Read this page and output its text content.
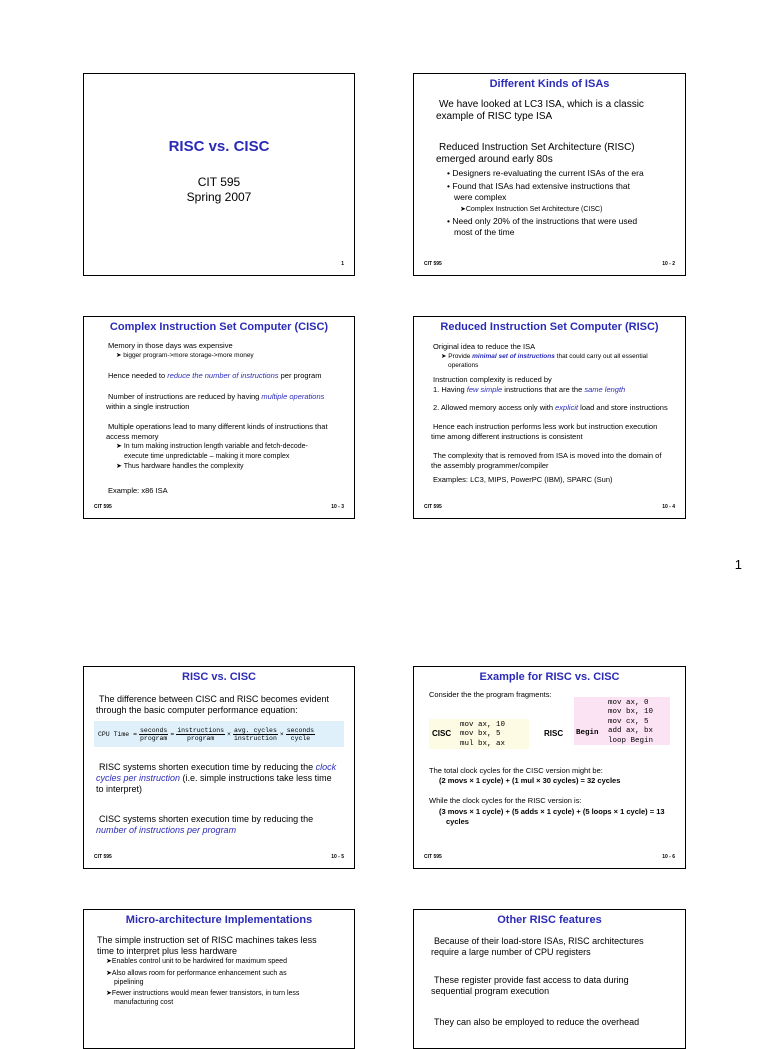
RISC vs. CISC
CIT 595
Spring 2007
1
Different Kinds of ISAs
We have looked at LC3 ISA, which is a classic
example of RISC type ISA
Reduced Instruction Set Architecture (RISC)
emerged around early 80s
• Designers re-evaluating the current ISAs of the era
• Found that ISAs had extensive instructions that
were complex
➤Complex Instruction Set Architecture (CISC)
• Need only 20% of the instructions that were used
most of the time
CIT 595	10 - 2
Complex Instruction Set Computer (CISC)
Memory in those days was expensive
➤ bigger program->more storage->more money
Hence needed to reduce the number of instructions per program
Number of instructions are reduced by having multiple operations
within a single instruction
Multiple operations lead to many different kinds of instructions that
access memory
➤ In turn making instruction length variable and fetch-decode-
execute time unpredictable – making it more complex
➤ Thus hardware handles the complexity
Example: x86 ISA
CIT 595	10 - 3
Reduced Instruction Set Computer (RISC)
Original idea to reduce the ISA
➤ Provide minimal set of instructions that could carry out all essential
operations
Instruction complexity is reduced by
1. Having few simple instructions that are the same length
2. Allowed memory access only with explicit load and store instructions
Hence each instruction performs less work but instruction execution
time among different instructions is consistent
The complexity that is removed from ISA is moved into the domain of
the assembly programmer/compiler
Examples: LC3, MIPS, PowerPC (IBM), SPARC (Sun)
CIT 595	10 - 4
1
RISC vs. CISC
The difference between CISC and RISC becomes evident
through the basic computer performance equation:
CPU Time = $\frac{\text{seconds}}{\text{program}} = \frac{\text{instructions}}{\text{program}} \times \frac{\text{avg. cycles}}{\text{instruction}} \times \frac{\text{seconds}}{\text{cycle}}$
RISC systems shorten execution time by reducing the clock
cycles per instruction (i.e. simple instructions take less time
to interpret)
CISC systems shorten execution time by reducing the
number of instructions per program
CIT 595	10 - 5
Example for RISC vs. CISC
Consider the the program fragments:
CISC
mov ax, 10
mov bx, 5
mul bx, ax
RISC Begin
mov ax, 0
mov bx, 10
mov cx, 5
add ax, bx
loop Begin
The total clock cycles for the CISC version might be:
(2 movs × 1 cycle) + (1 mul × 30 cycles) = 32 cycles
While the clock cycles for the RISC version is:
(3 movs × 1 cycle) + (5 adds × 1 cycle) + (5 loops × 1 cycle) = 13
cycles
CIT 595	10 - 6
Micro-architecture Implementations
The simple instruction set of RISC machines takes less
time to interpret plus less hardware
➤Enables control unit to be hardwired for maximum speed
➤Also allows room for performance enhancement such as
pipelining
➤Fewer instructions would mean fewer transistors, in turn less
manufacturing cost
Other RISC features
Because of their load-store ISAs, RISC architectures
require a large number of CPU registers
These register provide fast access to data during
sequential program execution
They can also be employed to reduce the overhead
